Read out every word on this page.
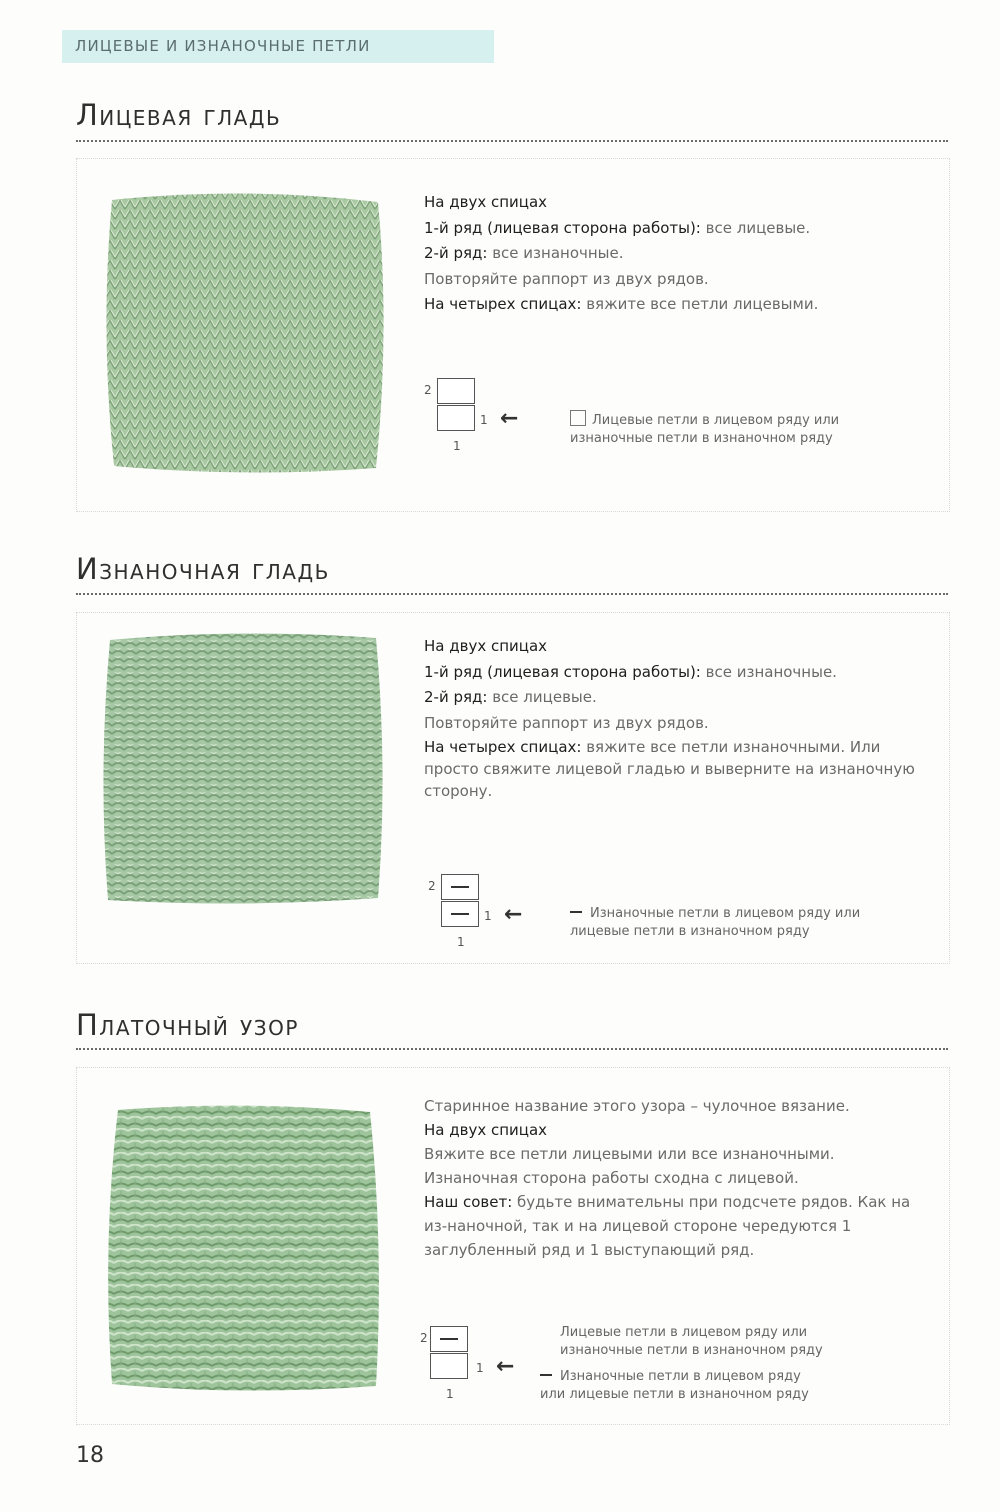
ЛИЦЕВЫЕ И ИЗНАНОЧНЫЕ ПЕТЛИ
Лицевая гладь

На двух спицах

1-й ряд (лицевая сторона работы): все лицевые.

2-й ряд: все изнаночные.

Повторяйте раппорт из двух рядов.

На четырех спицах: вяжите все петли лицевыми.

2
1
1
←	Лицевые петли в лицевом ряду или изнаночные петли в изнаночном ряду
Изнаночная гладь

На двух спицах

1-й ряд (лицевая сторона работы): все изнаночные.

2-й ряд: все лицевые.

Повторяйте раппорт из двух рядов.

На четырех спицах: вяжите все петли изнаночными. Или просто свяжите лицевой гладью и выверните на изнаночную сторону.

2
1
1
←	Изнаночные петли в лицевом ряду или лицевые петли в изнаночном ряду
Платочный узор

Старинное название этого узора – чулочное вязание.

На двух спицах

Вяжите все петли лицевыми или все изнаночными. Изнаночная сторона работы сходна с лицевой.

Наш совет: будьте внимательны при подсчете рядов. Как на из-наночной, так и на лицевой стороне чередуются 1 заглубленный ряд и 1 выступающий ряд.

2
1
1
←
Лицевые петли в лицевом ряду или изнаночные петли в изнаночном ряду
Изнаночные петли в лицевом ряду или лицевые петли в изнаночном ряду
18
